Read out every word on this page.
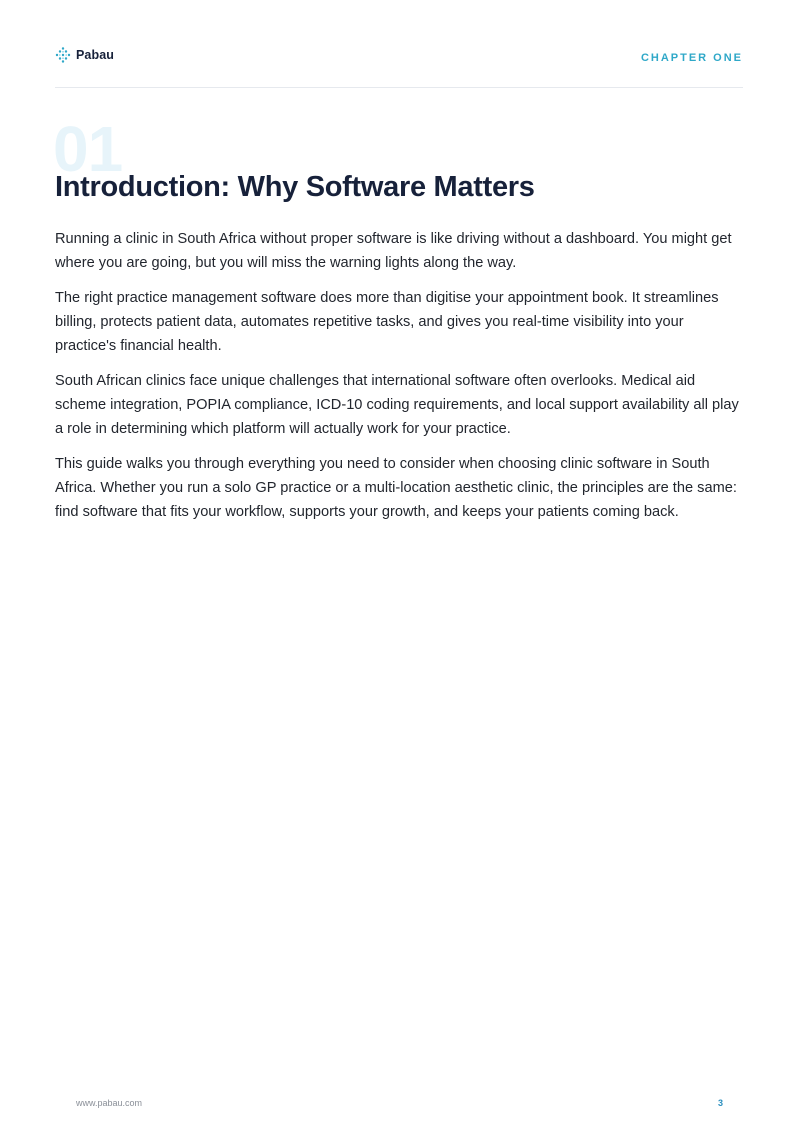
Pabau	CHAPTER ONE
01
Introduction: Why Software Matters

Running a clinic in South Africa without proper software is like driving without a dashboard. You might get where you are going, but you will miss the warning lights along the way.

The right practice management software does more than digitise your appointment book. It streamlines billing, protects patient data, automates repetitive tasks, and gives you real-time visibility into your practice's financial health.

South African clinics face unique challenges that international software often overlooks. Medical aid scheme integration, POPIA compliance, ICD-10 coding requirements, and local support availability all play a role in determining which platform will actually work for your practice.

This guide walks you through everything you need to consider when choosing clinic software in South Africa. Whether you run a solo GP practice or a multi-location aesthetic clinic, the principles are the same: find software that fits your workflow, supports your growth, and keeps your patients coming back.

www.pabau.com	3
